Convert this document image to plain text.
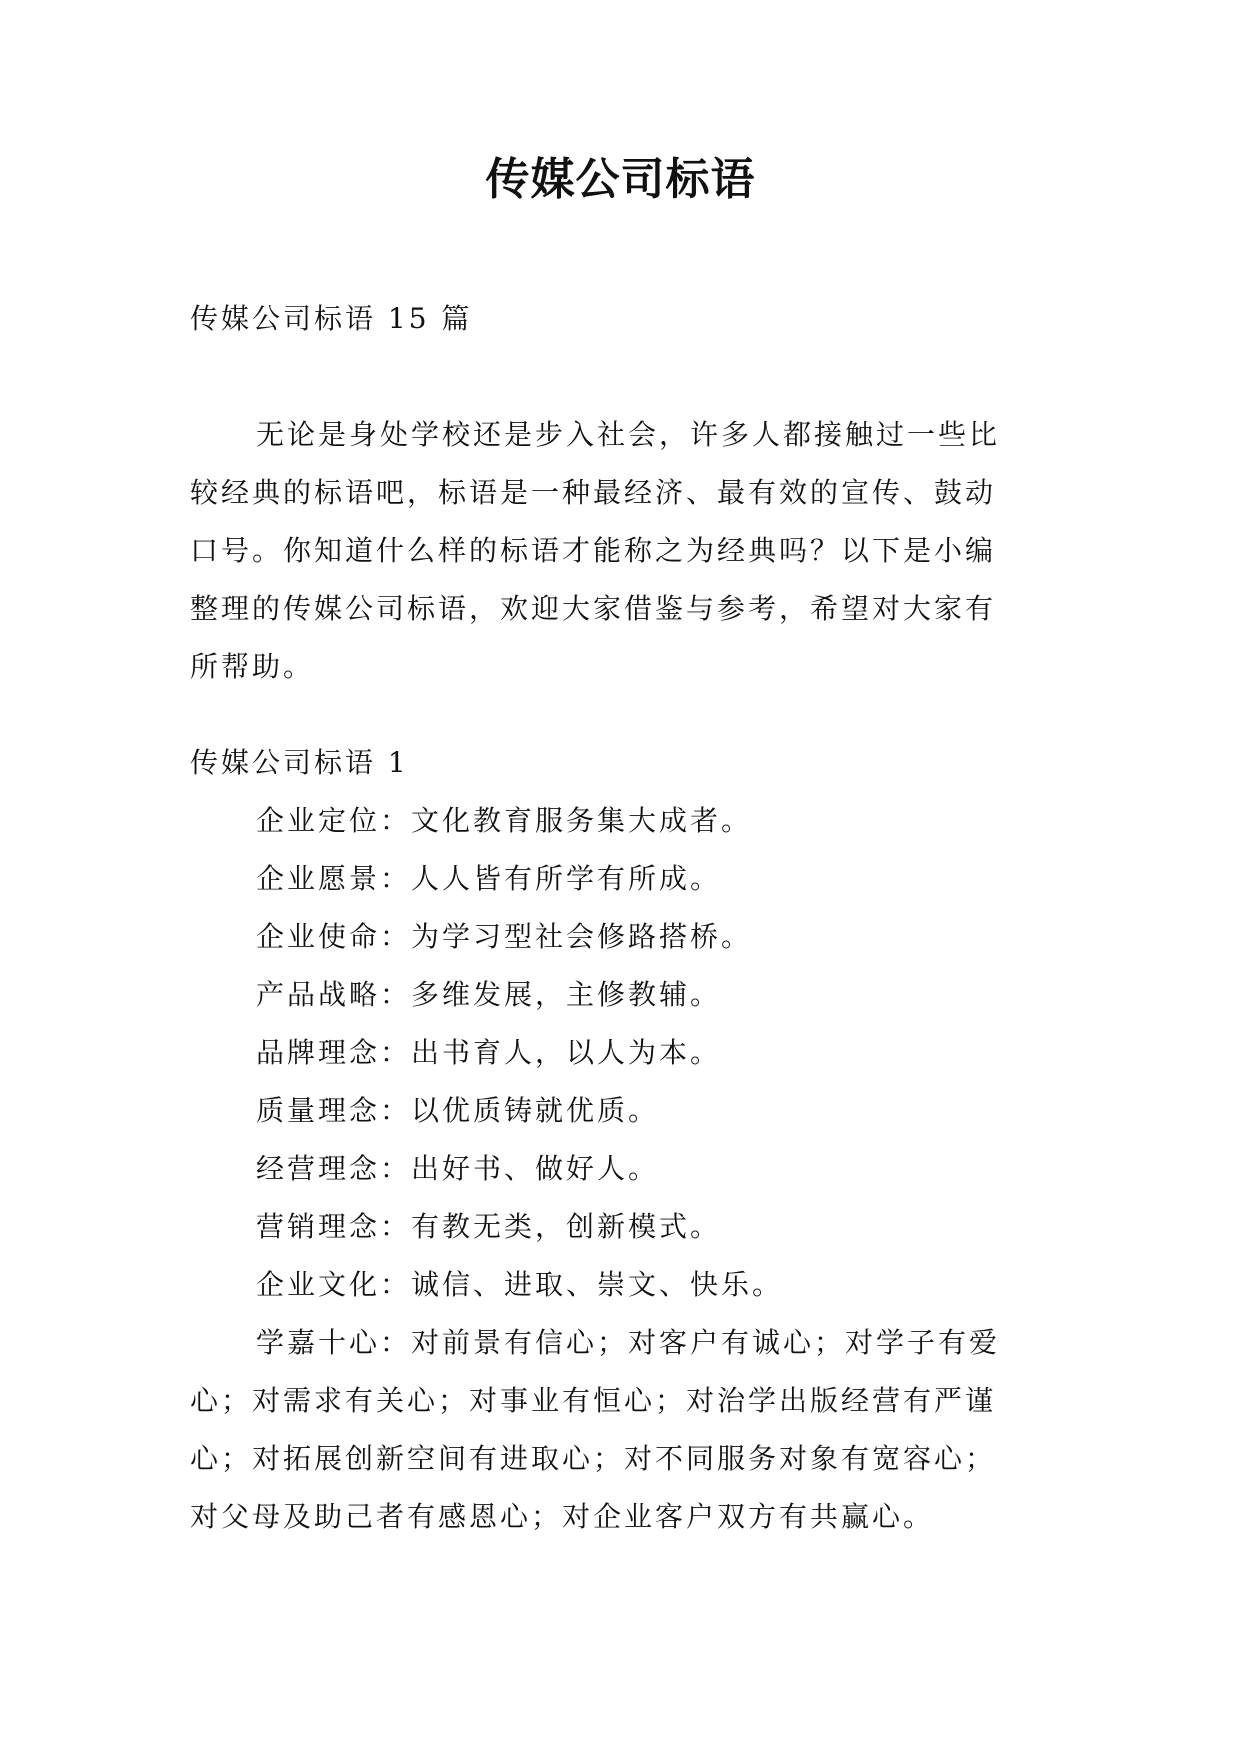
传媒公司标语
传媒公司标语 15 篇
无论是身处学校还是步入社会，许多人都接触过一些比
较经典的标语吧，标语是一种最经济、最有效的宣传、鼓动
口号。你知道什么样的标语才能称之为经典吗？以下是小编
整理的传媒公司标语，欢迎大家借鉴与参考，希望对大家有
所帮助。
传媒公司标语 1
企业定位：文化教育服务集大成者。
企业愿景：人人皆有所学有所成。
企业使命：为学习型社会修路搭桥。
产品战略：多维发展，主修教辅。
品牌理念：出书育人，以人为本。
质量理念：以优质铸就优质。
经营理念：出好书、做好人。
营销理念：有教无类，创新模式。
企业文化：诚信、进取、崇文、快乐。
学嘉十心：对前景有信心；对客户有诚心；对学子有爱
心；对需求有关心；对事业有恒心；对治学出版经营有严谨
心；对拓展创新空间有进取心；对不同服务对象有宽容心；
对父母及助己者有感恩心；对企业客户双方有共赢心。
